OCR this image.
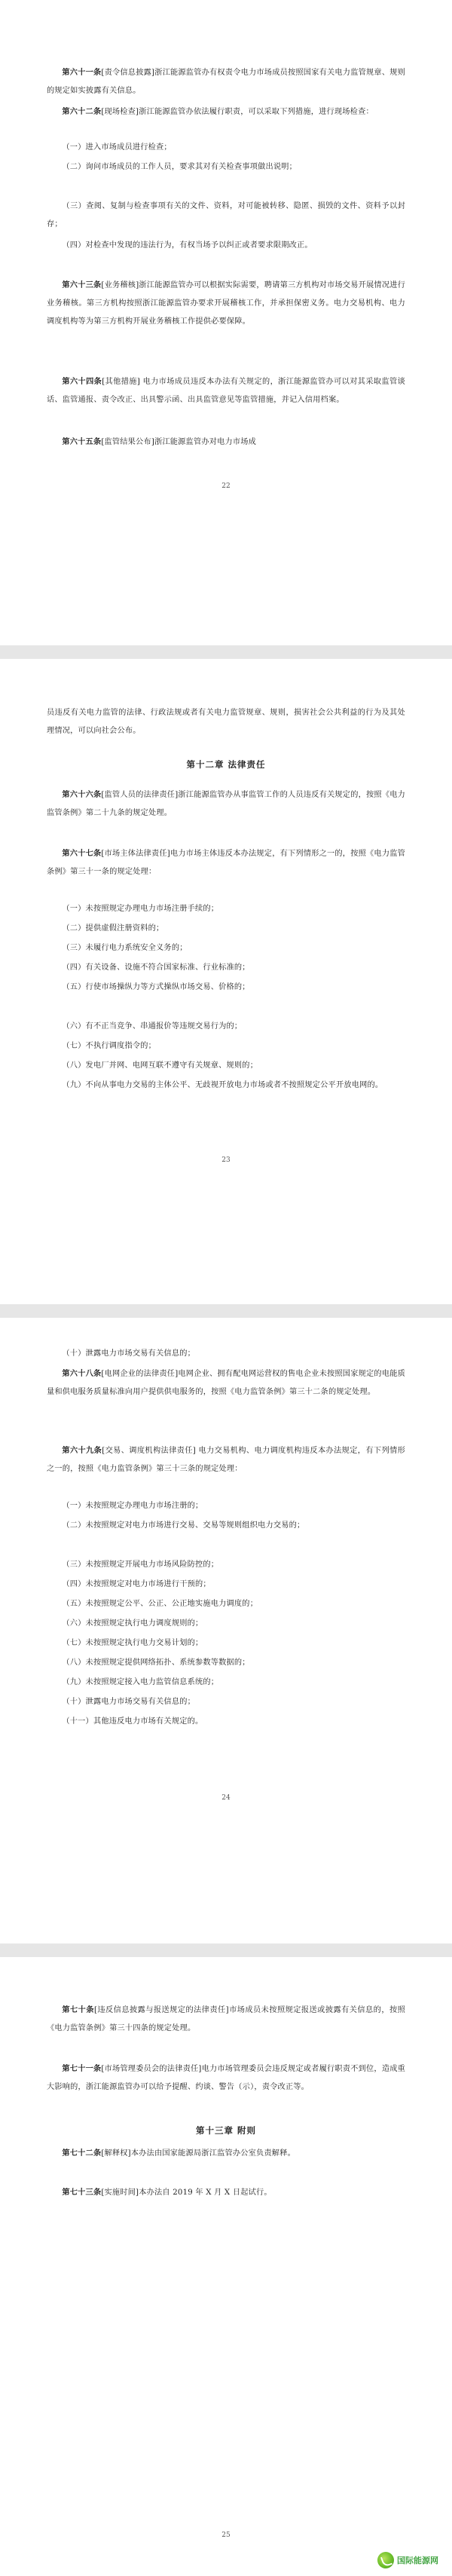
第六十一条[责令信息披露]浙江能源监管办有权责令电力市场成员按照国家有关电力监管规章、规则的规定如实披露有关信息。
第六十二条[现场检查]浙江能源监管办依法履行职责，可以采取下列措施，进行现场检查：
（一）进入市场成员进行检查；
（二）询问市场成员的工作人员，要求其对有关检查事项做出说明；
（三）查阅、复制与检查事项有关的文件、资料，对可能被转移、隐匿、损毁的文件、资料予以封存；
（四）对检查中发现的违法行为，有权当场予以纠正或者要求限期改正。
第六十三条[业务稽核]浙江能源监管办可以根据实际需要，聘请第三方机构对市场交易开展情况进行业务稽核。第三方机构按照浙江能源监管办要求开展稽核工作，并承担保密义务。电力交易机构、电力调度机构等为第三方机构开展业务稽核工作提供必要保障。
第六十四条[其他措施] 电力市场成员违反本办法有关规定的，浙江能源监管办可以对其采取监管谈话、监管通报、责令改正、出具警示函、出具监管意见等监管措施，并记入信用档案。
第六十五条[监管结果公布]浙江能源监管办对电力市场成
22
员违反有关电力监管的法律、行政法规或者有关电力监管规章、规则，损害社会公共利益的行为及其处理情况，可以向社会公布。
第十二章 法律责任
第六十六条[监管人员的法律责任]浙江能源监管办从事监管工作的人员违反有关规定的，按照《电力监管条例》第二十九条的规定处理。
第六十七条[市场主体法律责任]电力市场主体违反本办法规定，有下列情形之一的，按照《电力监管条例》第三十一条的规定处理：
（一）未按照规定办理电力市场注册手续的；
（二）提供虚假注册资料的；
（三）未履行电力系统安全义务的；
（四）有关设备、设施不符合国家标准、行业标准的；
（五）行使市场操纵力等方式操纵市场交易、价格的；
（六）有不正当竞争、串通报价等违规交易行为的；
（七）不执行调度指令的；
（八）发电厂并网、电网互联不遵守有关规章、规则的；
（九）不向从事电力交易的主体公平、无歧视开放电力市场或者不按照规定公平开放电网的。
23
（十）泄露电力市场交易有关信息的；
第六十八条[电网企业的法律责任]电网企业、拥有配电网运营权的售电企业未按照国家规定的电能质量和供电服务质量标准向用户提供供电服务的，按照《电力监管条例》第三十二条的规定处理。
第六十九条[交易、调度机构法律责任] 电力交易机构、电力调度机构违反本办法规定，有下列情形之一的，按照《电力监管条例》第三十三条的规定处理：
（一）未按照规定办理电力市场注册的；
（二）未按照规定对电力市场进行交易、交易等规则组织电力交易的；
（三）未按照规定开展电力市场风险防控的；
（四）未按照规定对电力市场进行干预的；
（五）未按照规定公平、公正、公正地实施电力调度的；
（六）未按照规定执行电力调度规则的；
（七）未按照规定执行电力交易计划的；
（八）未按照规定提供网络拓扑、系统参数等数据的；
（九）未按照规定接入电力监管信息系统的；
（十）泄露电力市场交易有关信息的；
（十一）其他违反电力市场有关规定的。
24
第七十条[违反信息披露与报送规定的法律责任]市场成员未按照规定报送或披露有关信息的，按照《电力监管条例》第三十四条的规定处理。
第七十一条[市场管理委员会的法律责任]电力市场管理委员会违反规定或者履行职责不到位，造成重大影响的，浙江能源监管办可以给予提醒、约谈、警告（示），责令改正等。
第十三章 附则
第七十二条[解释权]本办法由国家能源局浙江监管办公室负责解释。
第七十三条[实施时间]本办法自 2019 年 X 月 X 日起试行。
25
国际能源网
